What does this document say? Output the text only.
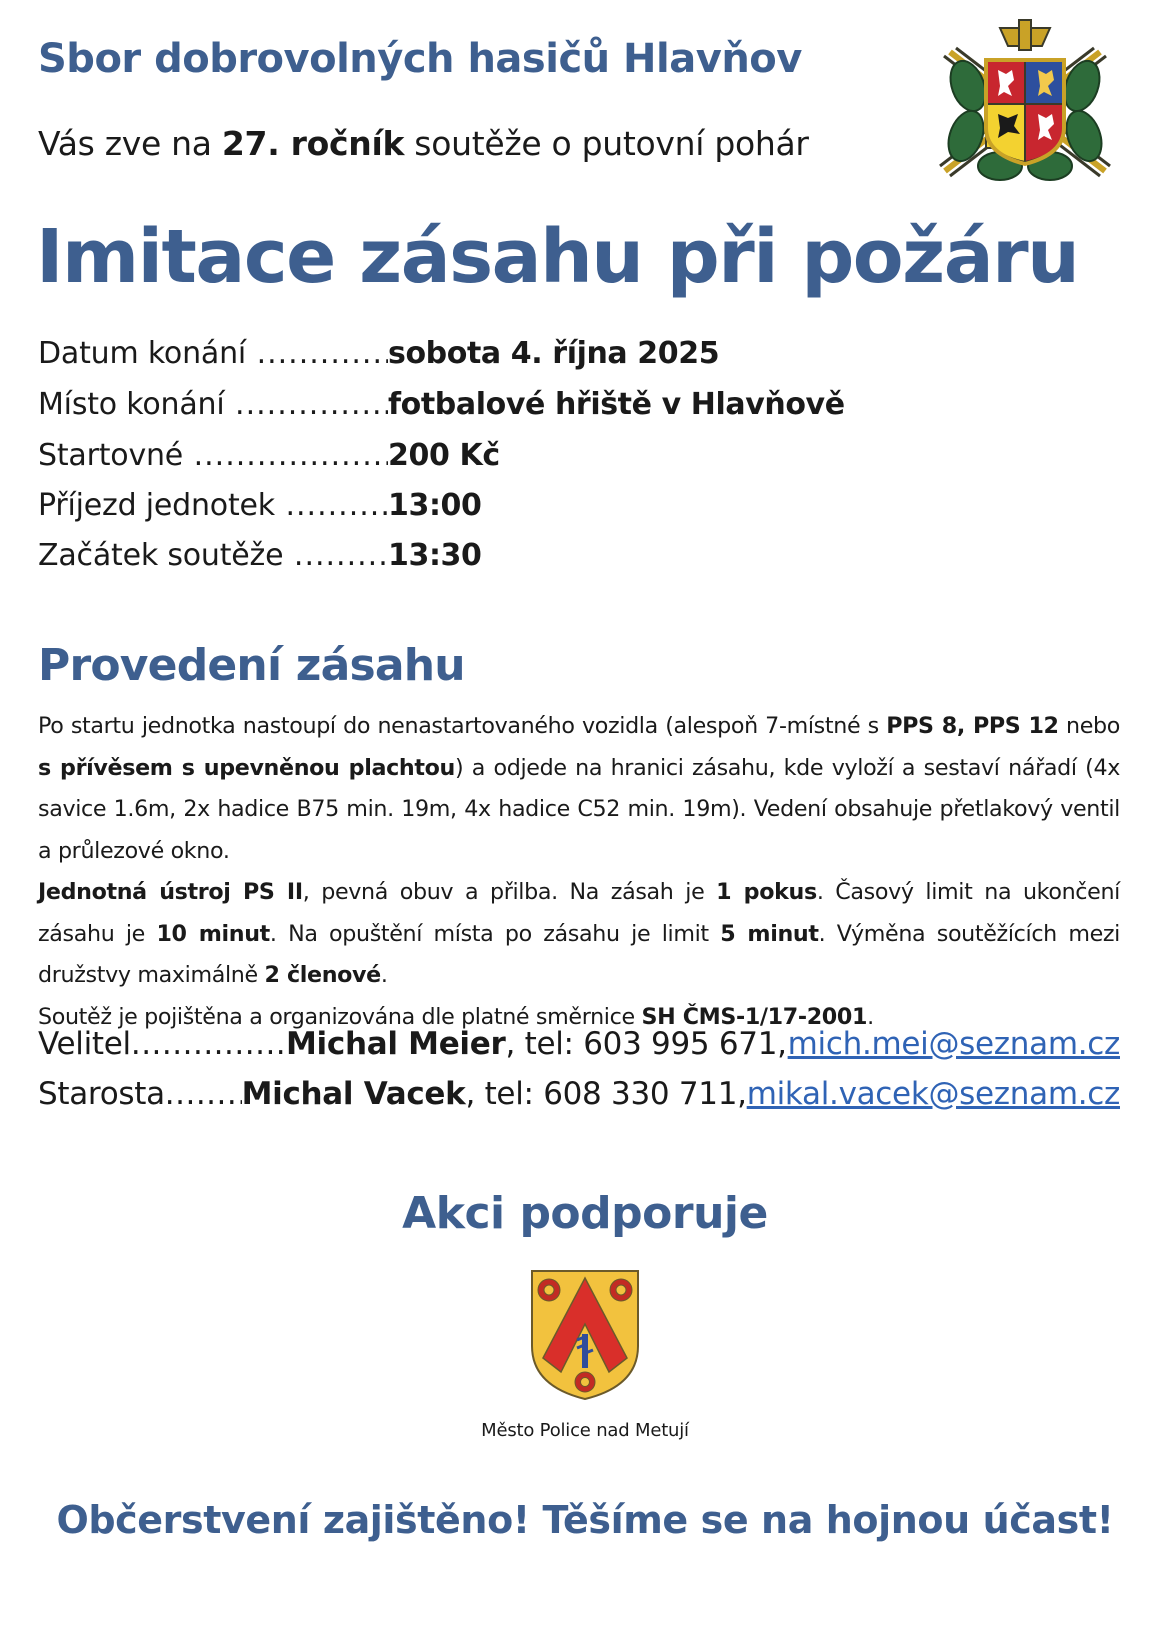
Sbor dobrovolných hasičů Hlavňov
Vás zve na 27. ročník soutěže o putovní pohár
Imitace zásahu při požáru
Datum konání .....	sobota 4. října 2025
Místo konání .....	fotbalové hřiště v Hlavňově
Startovné .....	200 Kč
Příjezd jednotek .....	13:00
Začátek soutěže .....	13:30
Provedení zásahu
Po startu jednotka nastoupí do nenastartovaného vozidla (alespoň 7-místné s PPS 8, PPS 12 nebo s přívěsem s upevněnou plachtou) a odjede na hranici zásahu, kde vyloží a sestaví nářadí (4x savice 1.6m, 2x hadice B75 min. 19m, 4x hadice C52 min. 19m). Vedení obsahuje přetlakový ventil a průlezové okno.
Jednotná ústroj PS II, pevná obuv a přilba. Na zásah je 1 pokus. Časový limit na ukončení zásahu je 10 minut. Na opuštění místa po zásahu je limit 5 minut. Výměna soutěžících mezi družstvy maximálně 2 členové.
Soutěž je pojištěna a organizována dle platné směrnice SH ČMS-1/17-2001.
Velitel .....	Michal Meier , tel: 603 995 671, mich.mei@seznam.cz
Starosta .....	Michal Vacek , tel: 608 330 711, mikal.vacek@seznam.cz
Akci podporuje
Město Police nad Metují
Občerstvení zajištěno! Těšíme se na hojnou účast!
